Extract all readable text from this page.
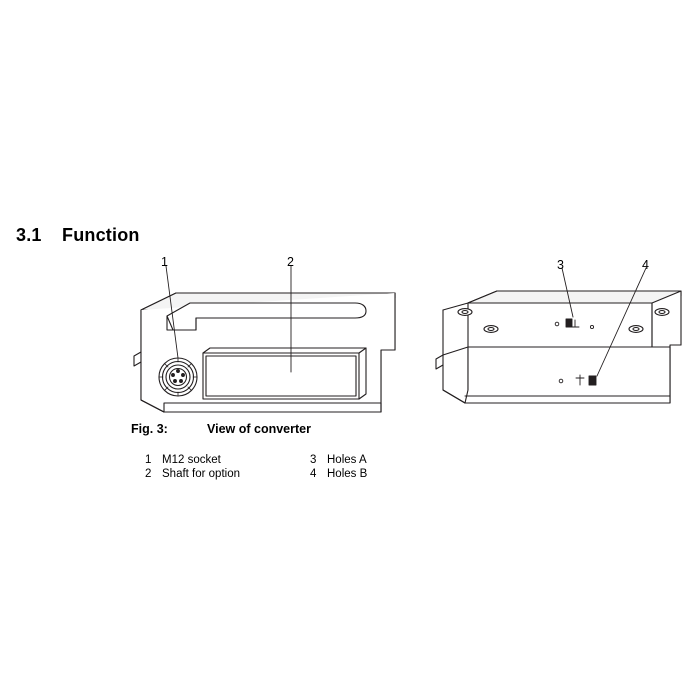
3.1 Function
1	2	3	4
Fig. 3:	View of converter
1 M12 socket	3 Holes A
2 Shaft for option	4 Holes B
